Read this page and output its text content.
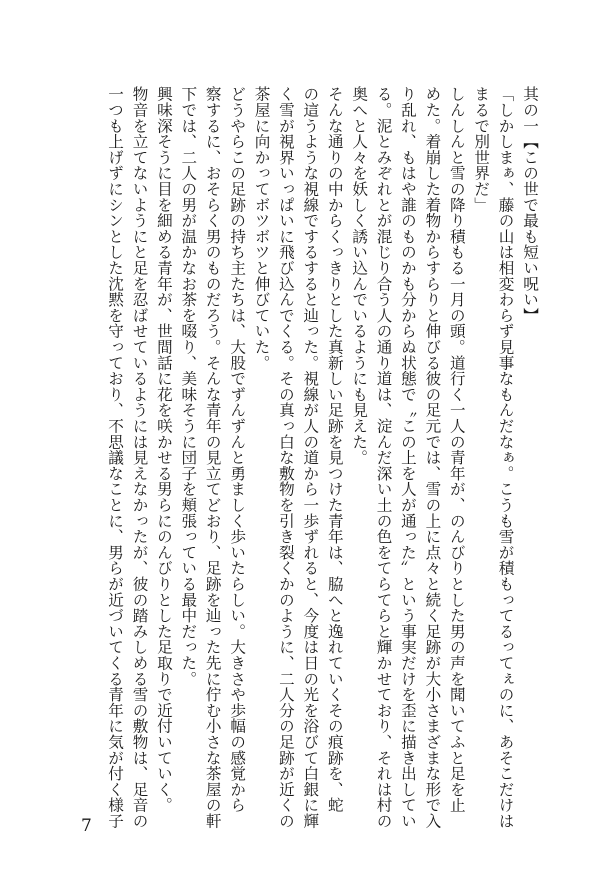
其の一【この世で最も短い呪い】

「しかしまぁ、藤の山は相変わらず見事なもんだなぁ。こうも雪が積もってるってぇのに、あそこだけは

まるで別世界だ」

しんしんと雪の降り積もる一月の頭。道行く一人の青年が、のんびりとした男の声を聞いてふと足を止

めた。着崩した着物からすらりと伸びる彼の足元では、雪の上に点々と続く足跡が大小さまざまな形で入

り乱れ、もはや誰のものかも分からぬ状態で〝この上を人が通った〟という事実だけを歪に描き出してい

る。泥とみぞれとが混じり合う人の通り道は、淀んだ深い土の色をてらてらと輝かせており、それは村の

奥へと人々を妖しく誘い込んでいるようにも見えた。

そんな通りの中からくっきりとした真新しい足跡を見つけた青年は、脇へと逸れていくその痕跡を、蛇

の這うような視線でするすると辿った。視線が人の道から一歩ずれると、今度は日の光を浴びて白銀に輝

く雪が視界いっぱいに飛び込んでくる。その真っ白な敷物を引き裂くかのように、二人分の足跡が近くの

茶屋に向かってボツボツと伸びていた。

どうやらこの足跡の持ち主たちは、大股でずんずんと勇ましく歩いたらしい。大きさや歩幅の感覚から

察するに、おそらく男のものだろう。そんな青年の見立てどおり、足跡を辿った先に佇む小さな茶屋の軒

下では、二人の男が温かなお茶を啜り、美味そうに団子を頬張っている最中だった。

興味深そうに目を細める青年が、世間話に花を咲かせる男らにのんびりとした足取りで近付いていく。

物音を立てないようにと足を忍ばせているようには見えなかったが、彼の踏みしめる雪の敷物は、足音の

一つも上げずにシンとした沈黙を守っており、不思議なことに、男らが近づいてくる青年に気が付く様子

7
